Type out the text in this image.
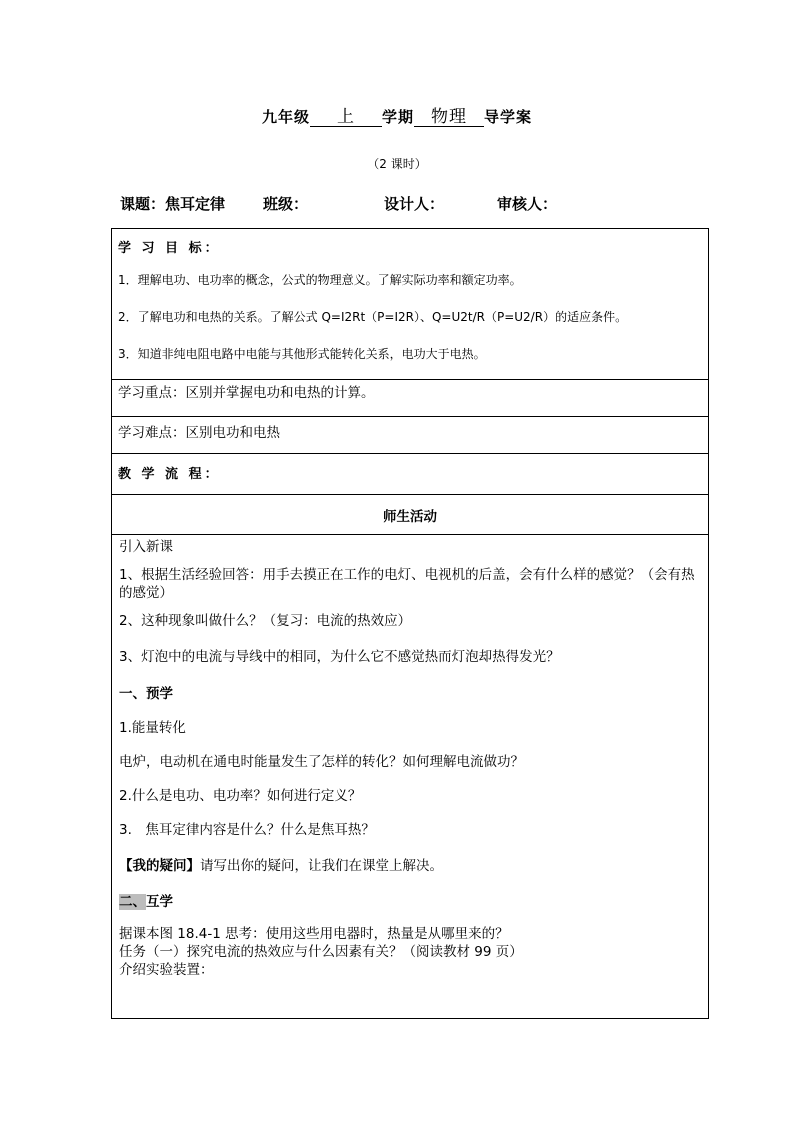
九年级 上 学期 物理 导学案
（2 课时）
课题：焦耳定律	班级：	设计人：	审核人：
学 习 目 标：
1．理解电功、电功率的概念，公式的物理意义。了解实际功率和额定功率。
2．了解电功和电热的关系。了解公式 Q=I2Rt（P=I2R）、Q=U2t/R（P=U2/R）的适应条件。
3．知道非纯电阻电路中电能与其他形式能转化关系，电功大于电热。

学习重点：区别并掌握电功和电热的计算。

学习难点：区别电功和电热

教 学 流 程：

师生活动

引入新课
1、根据生活经验回答：用手去摸正在工作的电灯、电视机的后盖，会有什么样的感觉？（会有热的感觉）
2、这种现象叫做什么？（复习：电流的热效应）
3、灯泡中的电流与导线中的相同，为什么它不感觉热而灯泡却热得发光？
一、预学
1.能量转化
电炉，电动机在通电时能量发生了怎样的转化？如何理解电流做功？
2.什么是电功、电功率？如何进行定义？
3.　焦耳定律内容是什么？什么是焦耳热？
【我的疑问】请写出你的疑问，让我们在课堂上解决。
二、互学
据课本图 18.4-1 思考：使用这些用电器时，热量是从哪里来的？
任务（一）探究电流的热效应与什么因素有关？（阅读教材 99 页）
介绍实验装置：
